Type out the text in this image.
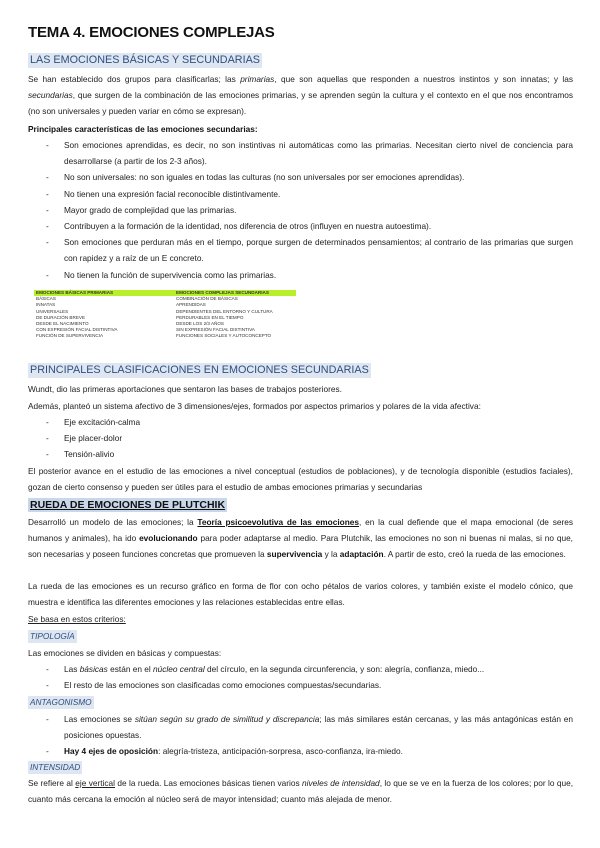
TEMA 4. EMOCIONES COMPLEJAS
LAS EMOCIONES BÁSICAS Y SECUNDARIAS
Se han establecido dos grupos para clasificarlas; las primarias, que son aquellas que responden a nuestros instintos y son innatas; y las secundarias, que surgen de la combinación de las emociones primarias, y se aprenden según la cultura y el contexto en el que nos encontramos (no son universales y pueden variar en cómo se expresan).
Principales características de las emociones secundarias:
- Son emociones aprendidas, es decir, no son instintivas ni automáticas como las primarias. Necesitan cierto nivel de conciencia para desarrollarse (a partir de los 2-3 años).
- No son universales: no son iguales en todas las culturas (no son universales por ser emociones aprendidas).
- No tienen una expresión facial reconocible distintivamente.
- Mayor grado de complejidad que las primarias.
- Contribuyen a la formación de la identidad, nos diferencia de otros (influyen en nuestra autoestima).
- Son emociones que perduran más en el tiempo, porque surgen de determinados pensamientos; al contrario de las primarias que surgen con rapidez y a raíz de un E concreto.
- No tienen la función de supervivencia como las primarias.
EMOCIONES BÁSICAS PRIMARIAS	EMOCIONES COMPLEJAS SECUNDARIAS
BÁSICAS	COMBINACIÓN DE BÁSICAS
INNATAS	APRENDIDAS
UNIVERSALES	DEPENDIENTES DEL ENTORNO Y CULTURA
DE DURACIÓN BREVE	PERDURABLES EN EL TIEMPO
DESDE EL NACIMIENTO	DESDE LOS 2/3 AÑOS
CON EXPRESIÓN FACIAL DISTINTIVA	SIN EXPRESIÓN FACIAL DISTINTIVA
FUNCIÓN DE SUPERVIVENCIA	FUNCIONES SOCIALES Y AUTOCONCEPTO
PRINCIPALES CLASIFICACIONES EN EMOCIONES SECUNDARIAS
Wundt, dio las primeras aportaciones que sentaron las bases de trabajos posteriores.
Además, planteó un sistema afectivo de 3 dimensiones/ejes, formados por aspectos primarios y polares de la vida afectiva:
- Eje excitación-calma
- Eje placer-dolor
- Tensión-alivio
El posterior avance en el estudio de las emociones a nivel conceptual (estudios de poblaciones), y de tecnología disponible (estudios faciales), gozan de cierto consenso y pueden ser útiles para el estudio de ambas emociones primarias y secundarias
RUEDA DE EMOCIONES DE PLUTCHIK
Desarrolló un modelo de las emociones; la Teoría psicoevolutiva de las emociones, en la cual defiende que el mapa emocional (de seres humanos y animales), ha ido evolucionando para poder adaptarse al medio. Para Plutchik, las emociones no son ni buenas ni malas, si no que, son necesarias y poseen funciones concretas que promueven la supervivencia y la adaptación. A partir de esto, creó la rueda de las emociones.
La rueda de las emociones es un recurso gráfico en forma de flor con ocho pétalos de varios colores, y también existe el modelo cónico, que muestra e identifica las diferentes emociones y las relaciones establecidas entre ellas.
Se basa en estos criterios:
TIPOLOGÍA
Las emociones se dividen en básicas y compuestas:
- Las básicas están en el núcleo central del círculo, en la segunda circunferencia, y son: alegría, confianza, miedo...
- El resto de las emociones son clasificadas como emociones compuestas/secundarias.
ANTAGONISMO
- Las emociones se sitúan según su grado de similitud y discrepancia; las más similares están cercanas, y las más antagónicas están en posiciones opuestas.
- Hay 4 ejes de oposición: alegría-tristeza, anticipación-sorpresa, asco-confianza, ira-miedo.
INTENSIDAD
Se refiere al eje vertical de la rueda. Las emociones básicas tienen varios niveles de intensidad, lo que se ve en la fuerza de los colores; por lo que, cuanto más cercana la emoción al núcleo será de mayor intensidad; cuanto más alejada de menor.
